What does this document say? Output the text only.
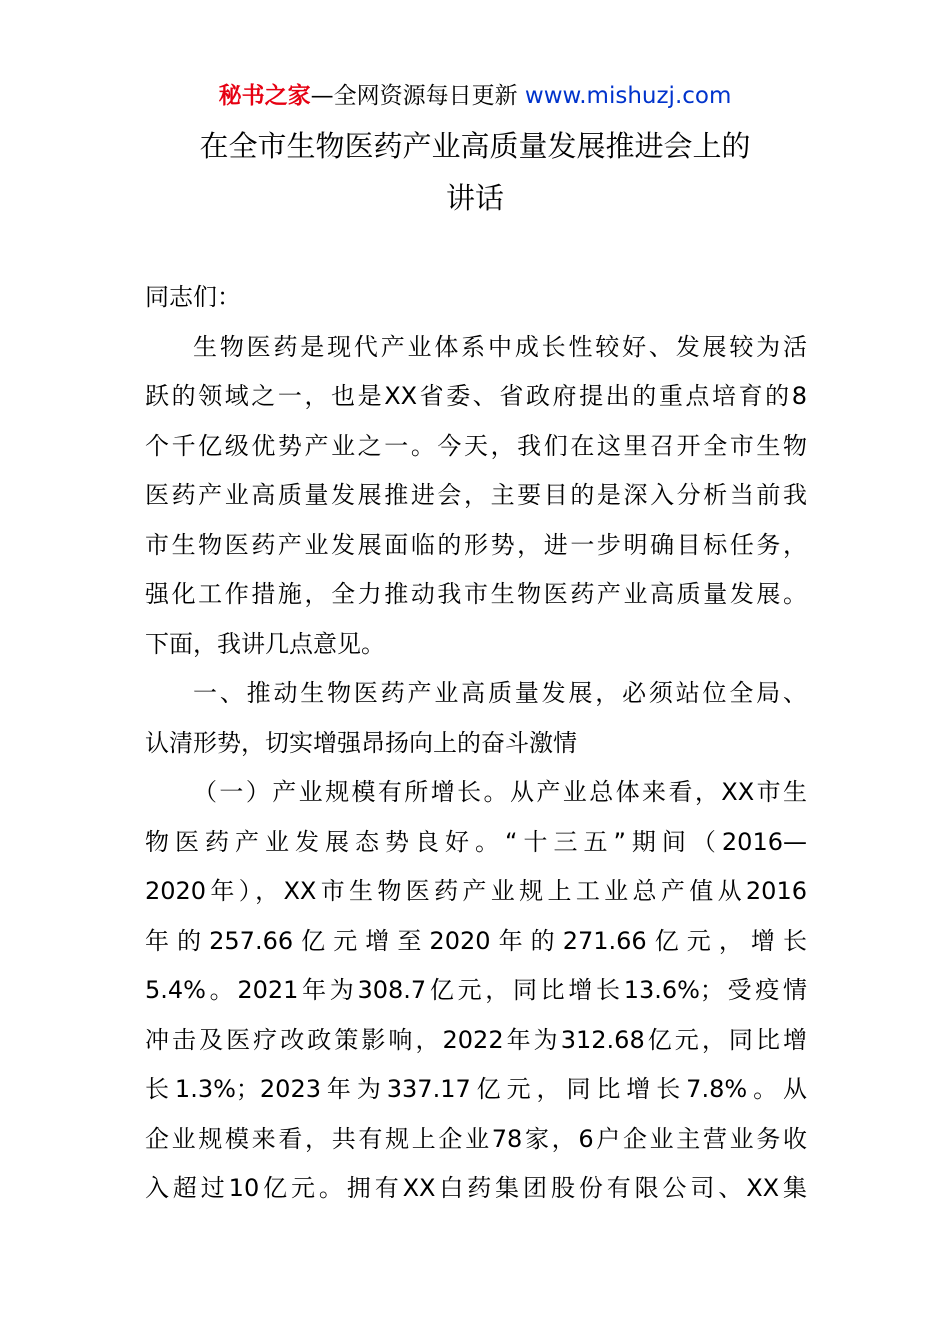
秘书之家—全网资源每日更新 www.mishuzj.com
在全市生物医药产业高质量发展推进会上的
讲话
同志们：
生物医药是现代产业体系中成长性较好、发展较为活
跃的领域之一，也是XX省委、省政府提出的重点培育的8
个千亿级优势产业之一。今天，我们在这里召开全市生物
医药产业高质量发展推进会，主要目的是深入分析当前我
市生物医药产业发展面临的形势，进一步明确目标任务，
强化工作措施，全力推动我市生物医药产业高质量发展。
下面，我讲几点意见。
一、推动生物医药产业高质量发展，必须站位全局、
认清形势，切实增强昂扬向上的奋斗激情
（一）产业规模有所增长。从产业总体来看，XX市生
物医药产业发展态势良好。“十三五”期间（2016—
2020年），XX市生物医药产业规上工业总产值从2016
年的257.66亿元增至2020年的271.66亿元，增长
5.4%。2021年为308.7亿元，同比增长13.6%；受疫情
冲击及医疗改政策影响，2022年为312.68亿元，同比增
长1.3%；2023年为337.17亿元，同比增长7.8%。从
企业规模来看，共有规上企业78家，6户企业主营业务收
入超过10亿元。拥有XX白药集团股份有限公司、XX集
